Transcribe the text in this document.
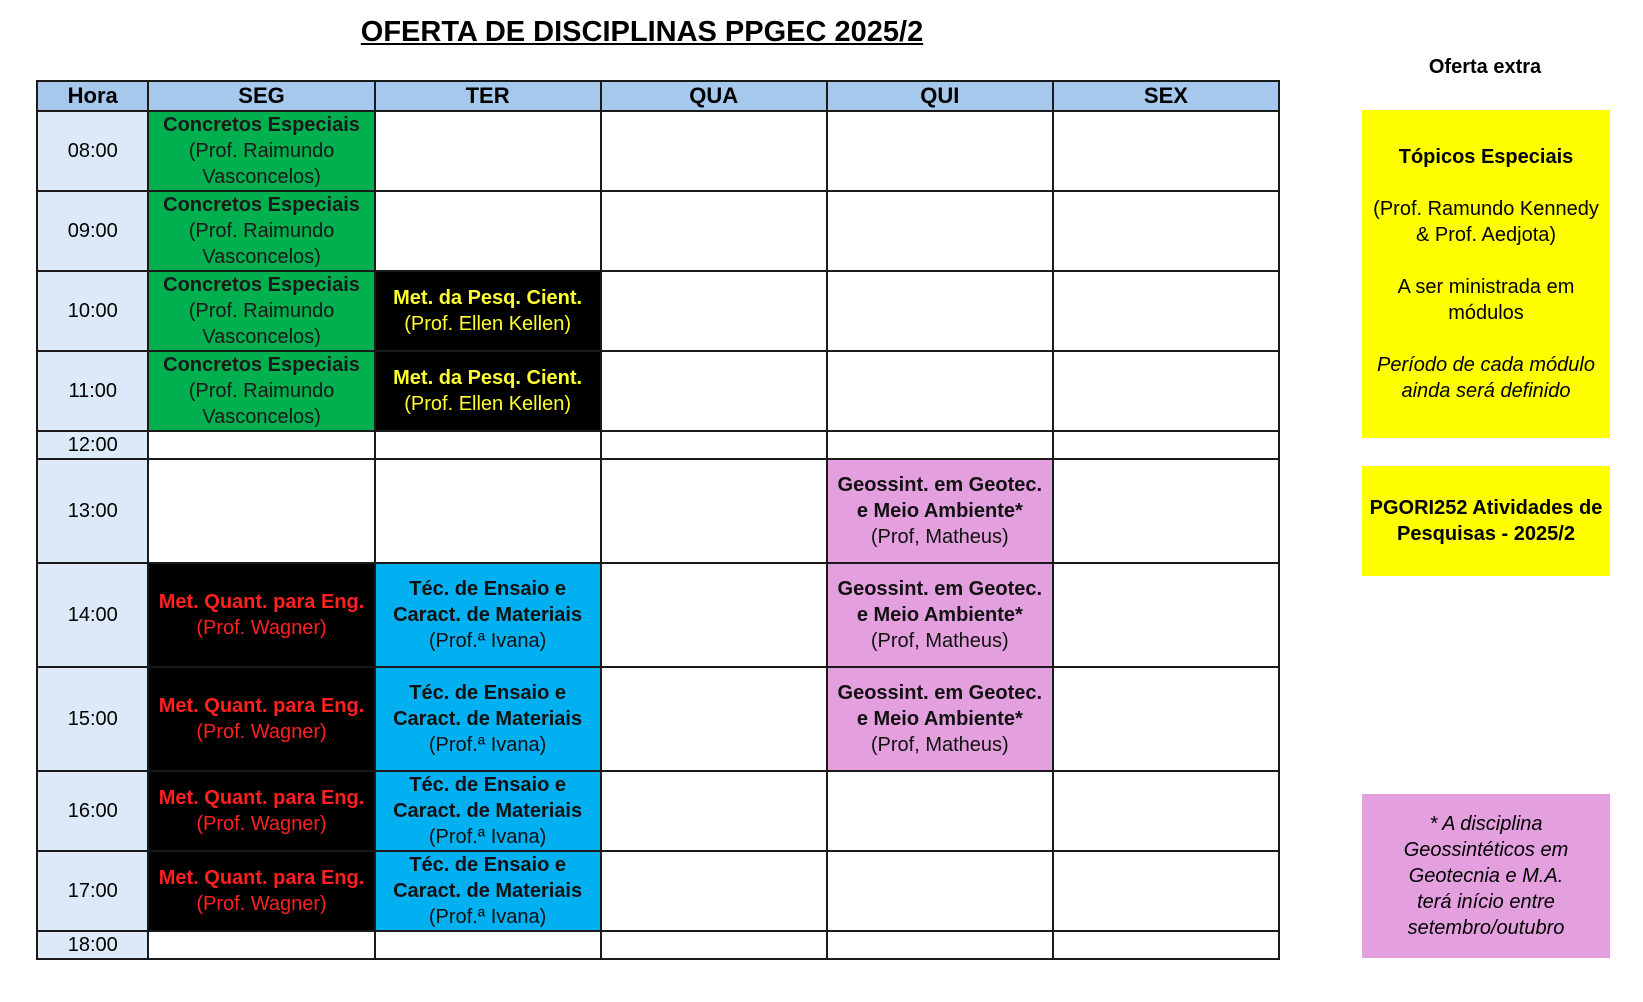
OFERTA DE DISCIPLINAS PPGEC 2025/2
Hora	SEG	TER	QUA	QUI	SEX
08:00	Concretos Especiais
(Prof. Raimundo Vasconcelos)				

09:00	Concretos Especiais
(Prof. Raimundo Vasconcelos)				

10:00	Concretos Especiais
(Prof. Raimundo Vasconcelos)	Met. da Pesq. Cient.
(Prof. Ellen Kellen)			

11:00	Concretos Especiais
(Prof. Raimundo Vasconcelos)	Met. da Pesq. Cient.
(Prof. Ellen Kellen)			

12:00					
13:00				Geossint. em Geotec.
e Meio Ambiente*
(Prof, Matheus)	

14:00	Met. Quant. para Eng.
(Prof. Wagner)	Téc. de Ensaio e
Caract. de Materiais
(Prof.ª Ivana)		Geossint. em Geotec.
e Meio Ambiente*
(Prof, Matheus)	

15:00	Met. Quant. para Eng.
(Prof. Wagner)	Téc. de Ensaio e
Caract. de Materiais
(Prof.ª Ivana)		Geossint. em Geotec.
e Meio Ambiente*
(Prof, Matheus)	

16:00	Met. Quant. para Eng.
(Prof. Wagner)	Téc. de Ensaio e
Caract. de Materiais
(Prof.ª Ivana)			

17:00	Met. Quant. para Eng.
(Prof. Wagner)	Téc. de Ensaio e
Caract. de Materiais
(Prof.ª Ivana)			

18:00					
Oferta extra
Tópicos Especiais
(Prof. Ramundo Kennedy & Prof. Aedjota)
A ser ministrada em módulos
Período de cada módulo ainda será definido
PGORI252 Atividades de Pesquisas - 2025/2
* A disciplina Geossintéticos em Geotecnia e M.A. terá início entre setembro/outubro
